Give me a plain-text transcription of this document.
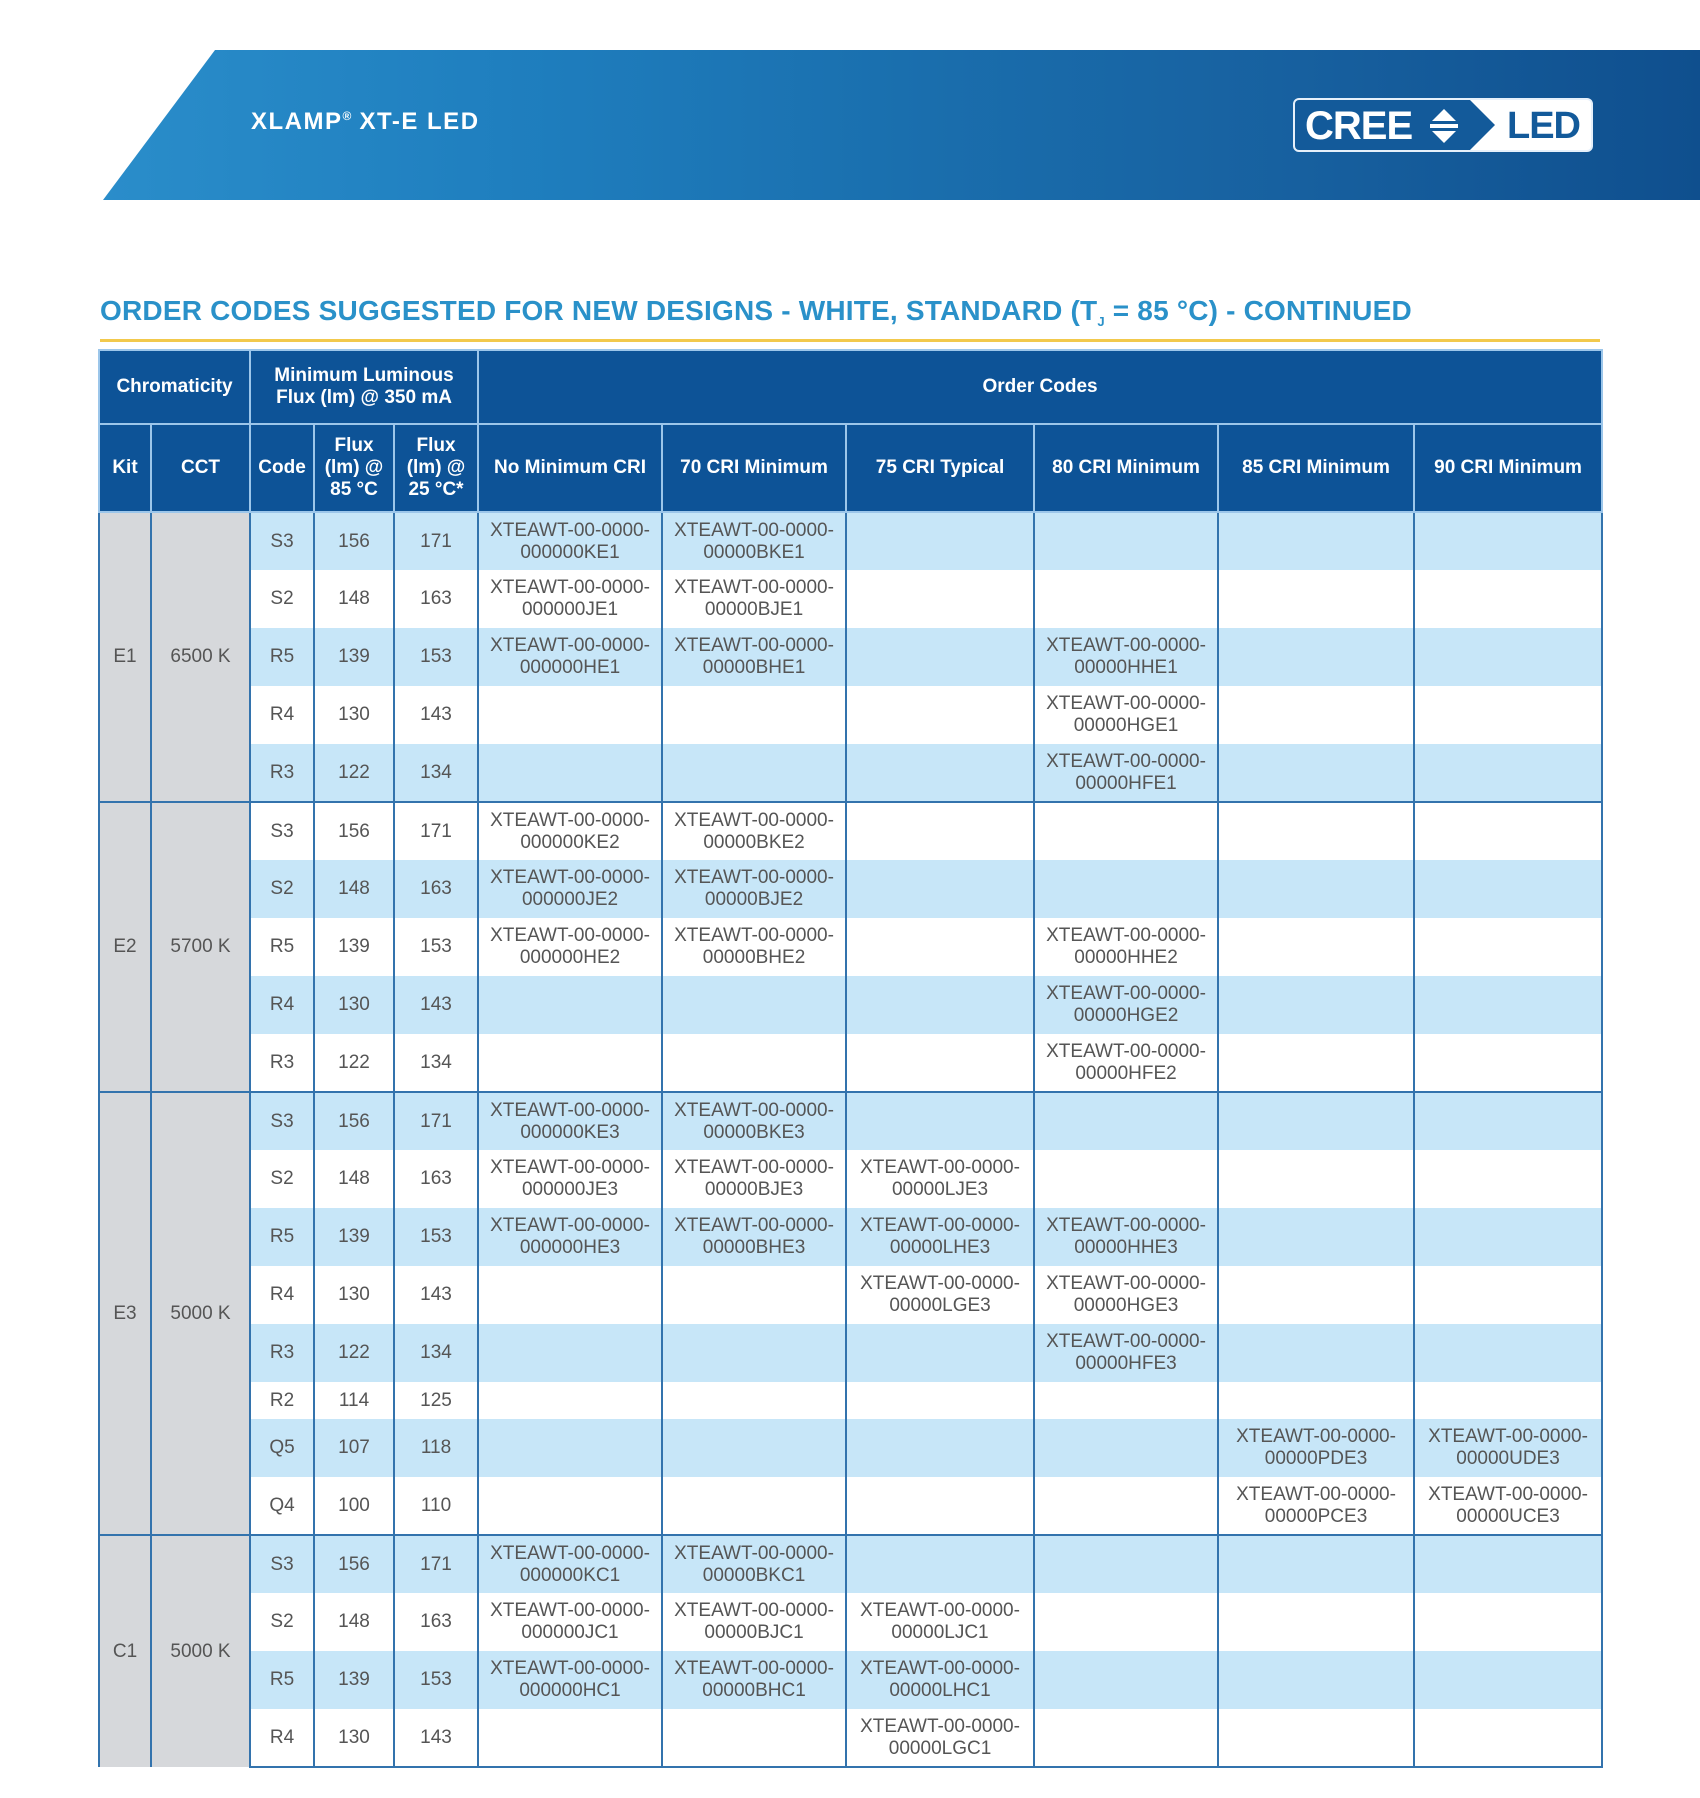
XLAMP® XT-E LED	CREE LED
ORDER CODES SUGGESTED FOR NEW DESIGNS - WHITE, STANDARD ($T_J = 85$ °C) - CONTINUED
Chromaticity		Minimum Luminous Flux (lm) @ 350 mA			Order Codes					
Kit	CCT	Code	Flux (lm) @ 85 °C	Flux (lm) @ 25 °C*	No Minimum CRI	70 CRI Minimum	75 CRI Typical	80 CRI Minimum	85 CRI Minimum	90 CRI Minimum
E1	6500 K	S3	156	171	XTEAWT-00-0000-
000000KE1	XTEAWT-00-0000-
00000BKE1				

		S2	148	163	XTEAWT-00-0000-
000000JE1	XTEAWT-00-0000-
00000BJE1				

		R5	139	153	XTEAWT-00-0000-
000000HE1	XTEAWT-00-0000-
00000BHE1		XTEAWT-00-0000-
00000HHE1		

		R4	130	143				XTEAWT-00-0000-
00000HGE1		

		R3	122	134				XTEAWT-00-0000-
00000HFE1		

E2	5700 K	S3	156	171	XTEAWT-00-0000-
000000KE2	XTEAWT-00-0000-
00000BKE2				

		S2	148	163	XTEAWT-00-0000-
000000JE2	XTEAWT-00-0000-
00000BJE2				

		R5	139	153	XTEAWT-00-0000-
000000HE2	XTEAWT-00-0000-
00000BHE2		XTEAWT-00-0000-
00000HHE2		

		R4	130	143				XTEAWT-00-0000-
00000HGE2		

		R3	122	134				XTEAWT-00-0000-
00000HFE2		

E3	5000 K	S3	156	171	XTEAWT-00-0000-
000000KE3	XTEAWT-00-0000-
00000BKE3				

		S2	148	163	XTEAWT-00-0000-
000000JE3	XTEAWT-00-0000-
00000BJE3	XTEAWT-00-0000-
00000LJE3			

		R5	139	153	XTEAWT-00-0000-
000000HE3	XTEAWT-00-0000-
00000BHE3	XTEAWT-00-0000-
00000LHE3	XTEAWT-00-0000-
00000HHE3		

		R4	130	143			XTEAWT-00-0000-
00000LGE3	XTEAWT-00-0000-
00000HGE3		

		R3	122	134				XTEAWT-00-0000-
00000HFE3		

		R2	114	125						
		Q5	107	118					XTEAWT-00-0000-
00000PDE3	XTEAWT-00-0000-
00000UDE3

		Q4	100	110					XTEAWT-00-0000-
00000PCE3	XTEAWT-00-0000-
00000UCE3

C1	5000 K	S3	156	171	XTEAWT-00-0000-
000000KC1	XTEAWT-00-0000-
00000BKC1				

		S2	148	163	XTEAWT-00-0000-
000000JC1	XTEAWT-00-0000-
00000BJC1	XTEAWT-00-0000-
00000LJC1			

		R5	139	153	XTEAWT-00-0000-
000000HC1	XTEAWT-00-0000-
00000BHC1	XTEAWT-00-0000-
00000LHC1			

		R4	130	143			XTEAWT-00-0000-
00000LGC1			
